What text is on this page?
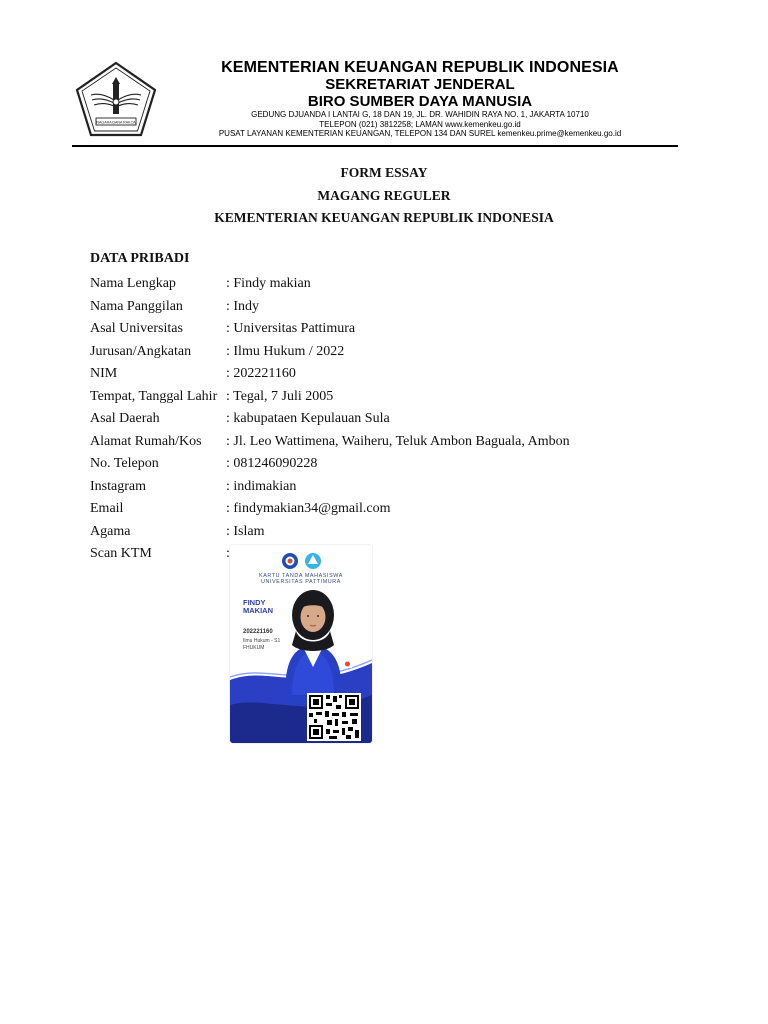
NAGARA DANA RAKCA
KEMENTERIAN KEUANGAN REPUBLIK INDONESIA
SEKRETARIAT JENDERAL
BIRO SUMBER DAYA MANUSIA
GEDUNG DJUANDA I LANTAI G, 18 DAN 19, JL. DR. WAHIDIN RAYA NO. 1, JAKARTA 10710
TELEPON (021) 3812258; LAMAN www.kemenkeu.go.id
PUSAT LAYANAN KEMENTERIAN KEUANGAN, TELEPON 134 DAN SUREL kemenkeu.prime@kemenkeu.go.id
FORM ESSAY
MAGANG REGULER
KEMENTERIAN KEUANGAN REPUBLIK INDONESIA
DATA PRIBADI
Nama Lengkap	: Findy makian
Nama Panggilan	: Indy
Asal Universitas	: Universitas Pattimura
Jurusan/Angkatan	: Ilmu Hukum / 2022
NIM	: 202221160
Tempat, Tanggal Lahir : Tegal, 7 Juli 2005
Asal Daerah	: kabupataen Kepulauan Sula
Alamat Rumah/Kos	: Jl. Leo Wattimena, Waiheru, Teluk Ambon Baguala, Ambon
No. Telepon	: 081246090228
Instagram	: indimakian
Email	: findymakian34@gmail.com
Agama	: Islam
Scan KTM	:
KARTU TANDA MAHASISWA
UNIVERSITAS PATTIMURA
FINDY
MAKIAN
202221160
Ilmu Hukum - S1
FHUKUM
